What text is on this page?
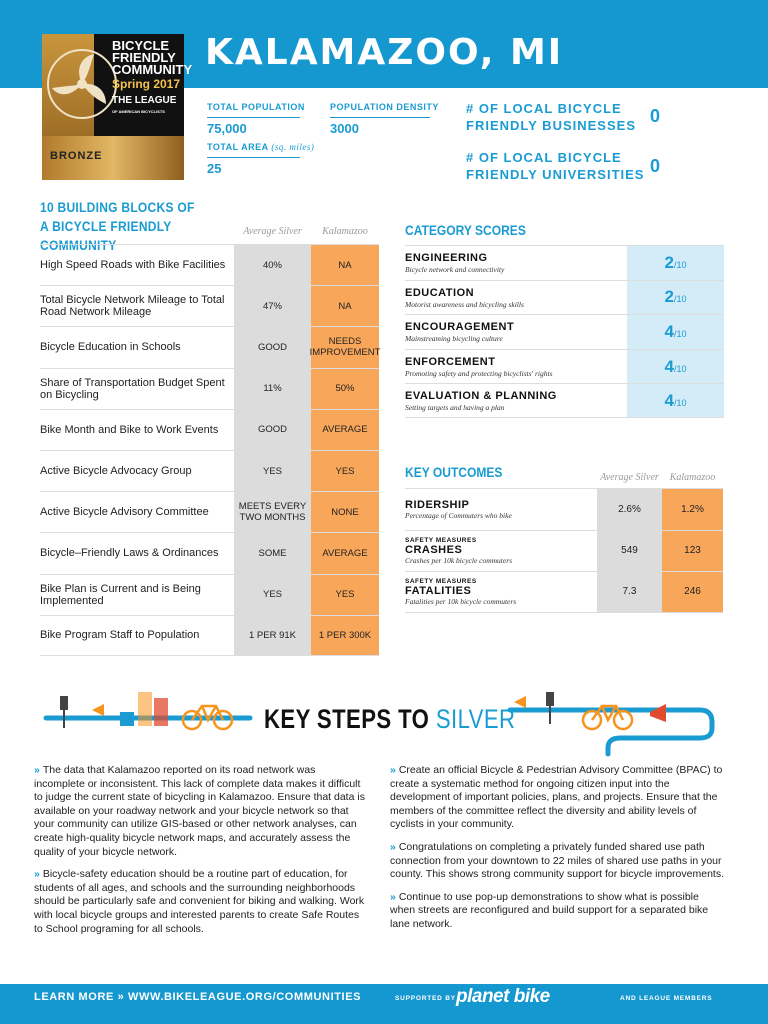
KALAMAZOO, MI
BICYCLE
FRIENDLY
COMMUNITY
Spring 2017
THE LEAGUE
OF AMERICAN BICYCLISTS
BRONZE
TOTAL POPULATION
75,000
POPULATION DENSITY
3000
TOTAL AREA (sq. miles)
25
# OF LOCAL BICYCLE FRIENDLY BUSINESSES 0
# OF LOCAL BICYCLE FRIENDLY UNIVERSITIES 0
10 BUILDING BLOCKS OF
A BICYCLE FRIENDLY COMMUNITY
Average Silver	Kalamazoo
High Speed Roads with Bike Facilities	40%	NA
Total Bicycle Network Mileage to Total Road Network Mileage	47%	NA
Bicycle Education in Schools	GOOD	NEEDS IMPROVEMENT
Share of Transportation Budget Spent on Bicycling	11%	50%
Bike Month and Bike to Work Events	GOOD	AVERAGE
Active Bicycle Advocacy Group	YES	YES
Active Bicycle Advisory Committee	MEETS EVERY TWO MONTHS	NONE
Bicycle–Friendly Laws & Ordinances	SOME	AVERAGE
Bike Plan is Current and is Being Implemented	YES	YES
Bike Program Staff to Population	1 PER 91K	1 PER 300K
CATEGORY SCORES
ENGINEERING
Bicycle network and connectivity	2 /10
EDUCATION
Motorist awareness and bicycling skills	2 /10
ENCOURAGEMENT
Mainstreaming bicycling culture	4 /10
ENFORCEMENT
Promoting safety and protecting bicyclists' rights	4 /10
EVALUATION & PLANNING
Setting targets and having a plan	4 /10
KEY OUTCOMES	Average Silver	Kalamazoo
RIDERSHIP
Percentage of Commuters who bike
2.6%	1.2%
SAFETY MEASURES
CRASHES
Crashes per 10k bicycle commuters
549	123
SAFETY MEASURES
FATALITIES
Fatalities per 10k bicycle commuters
7.3	246
KEY STEPS TO SILVER

» The data that Kalamazoo reported on its road network was incomplete or inconsistent. This lack of complete data makes it difficult to judge the current state of bicycling in Kalamazoo. Ensure that data is available on your roadway network and your bicycle network so that your community can utilize GIS-based or other network analyses, can create high-quality bicycle network maps, and accurately assess the quality of your bicycle network.

» Bicycle-safety education should be a routine part of education, for students of all ages, and schools and the surrounding neighborhoods should be particularly safe and convenient for biking and walking. Work with local bicycle groups and interested parents to create Safe Routes to School programing for all schools.

» Create an official Bicycle & Pedestrian Advisory Committee (BPAC) to create a systematic method for ongoing citizen input into the development of important policies, plans, and projects. Ensure that the members of the committee reflect the diversity and ability levels of cyclists in your community.

» Congratulations on completing a privately funded shared use path connection from your downtown to 22 miles of shared use paths in your county. This shows strong community support for bicycle improvements.

» Continue to use pop-up demonstrations to show what is possible when streets are reconfigured and build support for a separated bike lane network.

LEARN MORE » WWW.BIKELEAGUE.ORG/COMMUNITIES	SUPPORTED BY planet bike	AND LEAGUE MEMBERS
